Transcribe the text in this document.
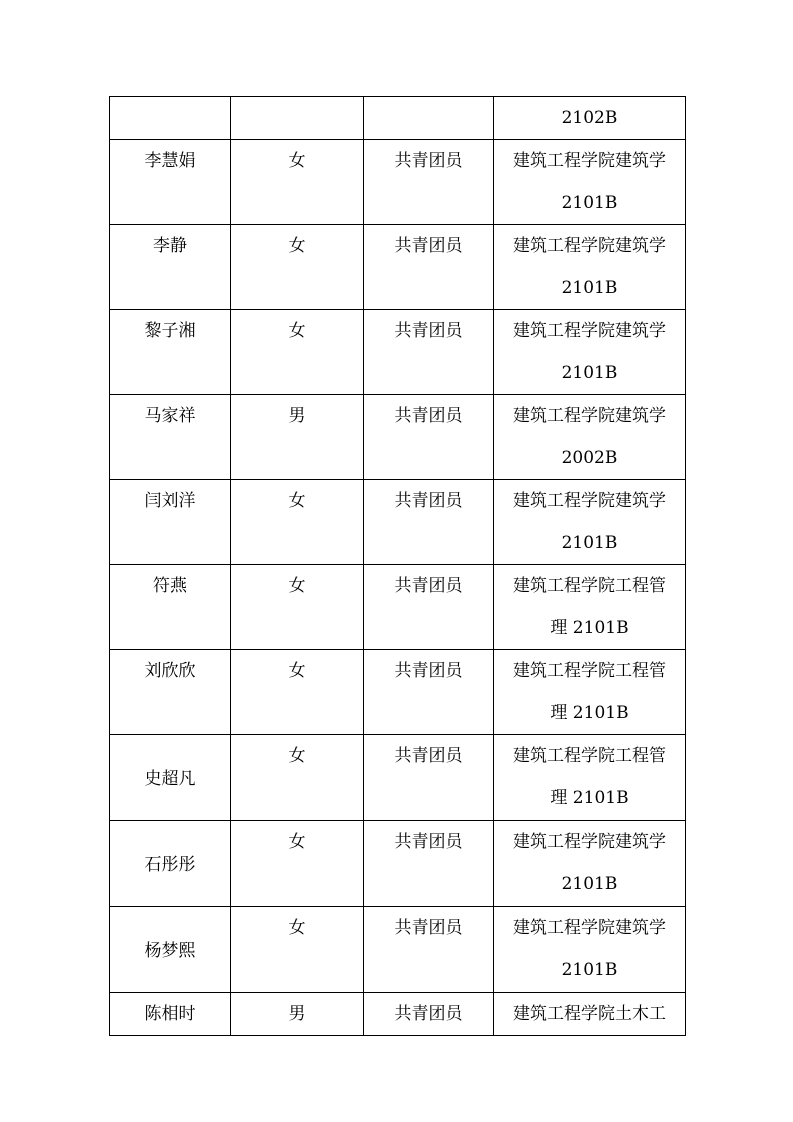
			2102B

李慧娟	女	共青团员	建筑工程学院建筑学
2101B

李静	女	共青团员	建筑工程学院建筑学
2101B

黎子湘	女	共青团员	建筑工程学院建筑学
2101B

马家祥	男	共青团员	建筑工程学院建筑学
2002B

闫刘洋	女	共青团员	建筑工程学院建筑学
2101B

符燕	女	共青团员	建筑工程学院工程管
理 2101B

刘欣欣	女	共青团员	建筑工程学院工程管
理 2101B

史超凡	女	共青团员	建筑工程学院工程管
理 2101B

石彤彤	女	共青团员	建筑工程学院建筑学
2101B

杨梦熙	女	共青团员	建筑工程学院建筑学
2101B

陈相时	男	共青团员	建筑工程学院土木工
